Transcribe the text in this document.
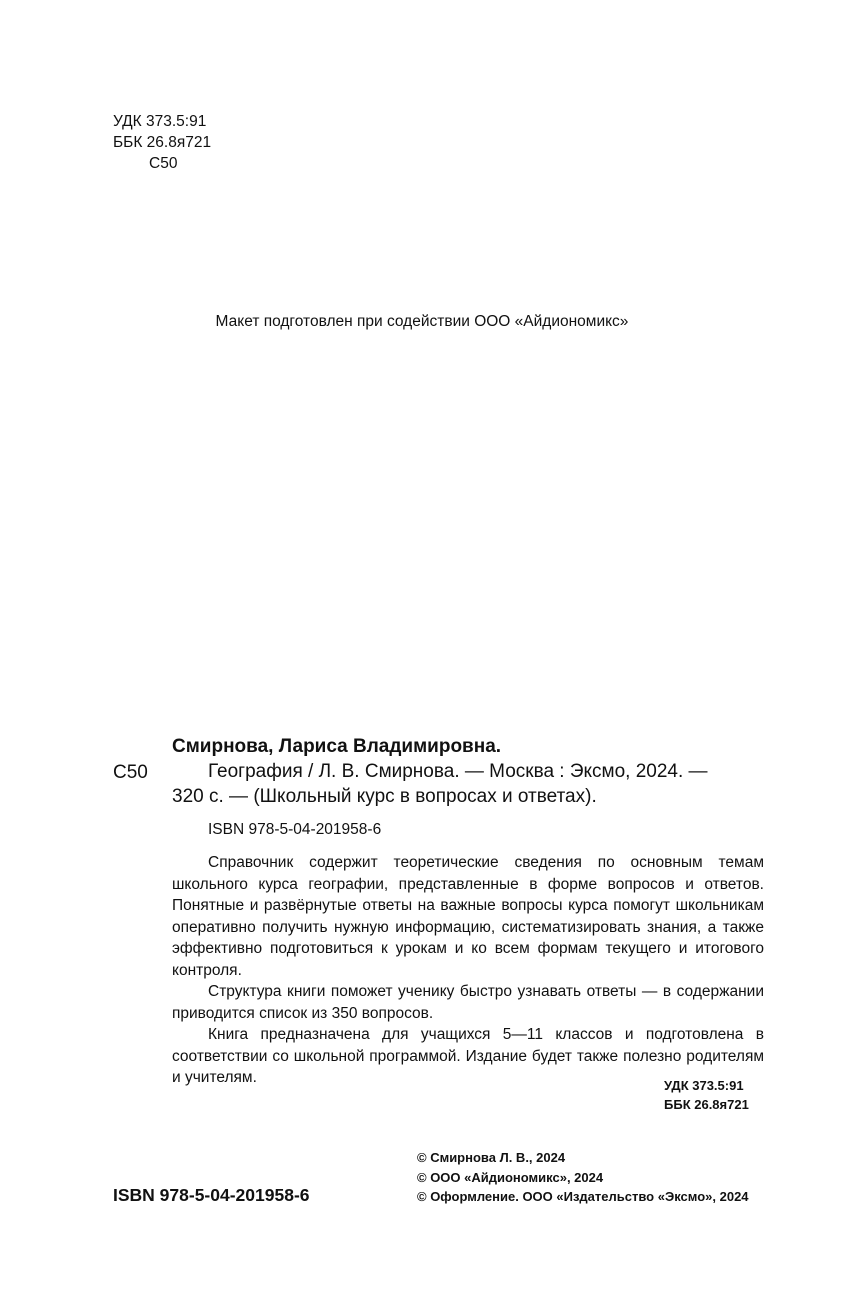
УДК 373.5:91
ББК 26.8я721
С50
Макет подготовлен при содействии ООО «Айдиономикс»
С50
Смирнова, Лариса Владимировна.
География / Л. В. Смирнова. — Москва : Эксмо, 2024. —
320 с. — (Школьный курс в вопросах и ответах).
ISBN 978-5-04-201958-6

Справочник содержит теоретические сведения по основным темам школьного курса географии, представленные в форме вопросов и ответов. Понятные и развёрнутые ответы на важные вопросы курса помогут школьникам оперативно получить нужную информацию, систематизировать знания, а также эффективно подготовиться к урокам и ко всем формам текущего и итогового контроля.

Структура книги поможет ученику быстро узнавать ответы — в содержании приводится список из 350 вопросов.

Книга предназначена для учащихся 5—11 классов и подготовлена в соответствии со школьной программой. Издание будет также полезно родителям и учителям.	УДК 373.5:91
ББК 26.8я721
© Смирнова Л. В., 2024
© ООО «Айдиономикс», 2024
© Оформление. ООО «Издательство «Эксмо», 2024
ISBN 978-5-04-201958-6
